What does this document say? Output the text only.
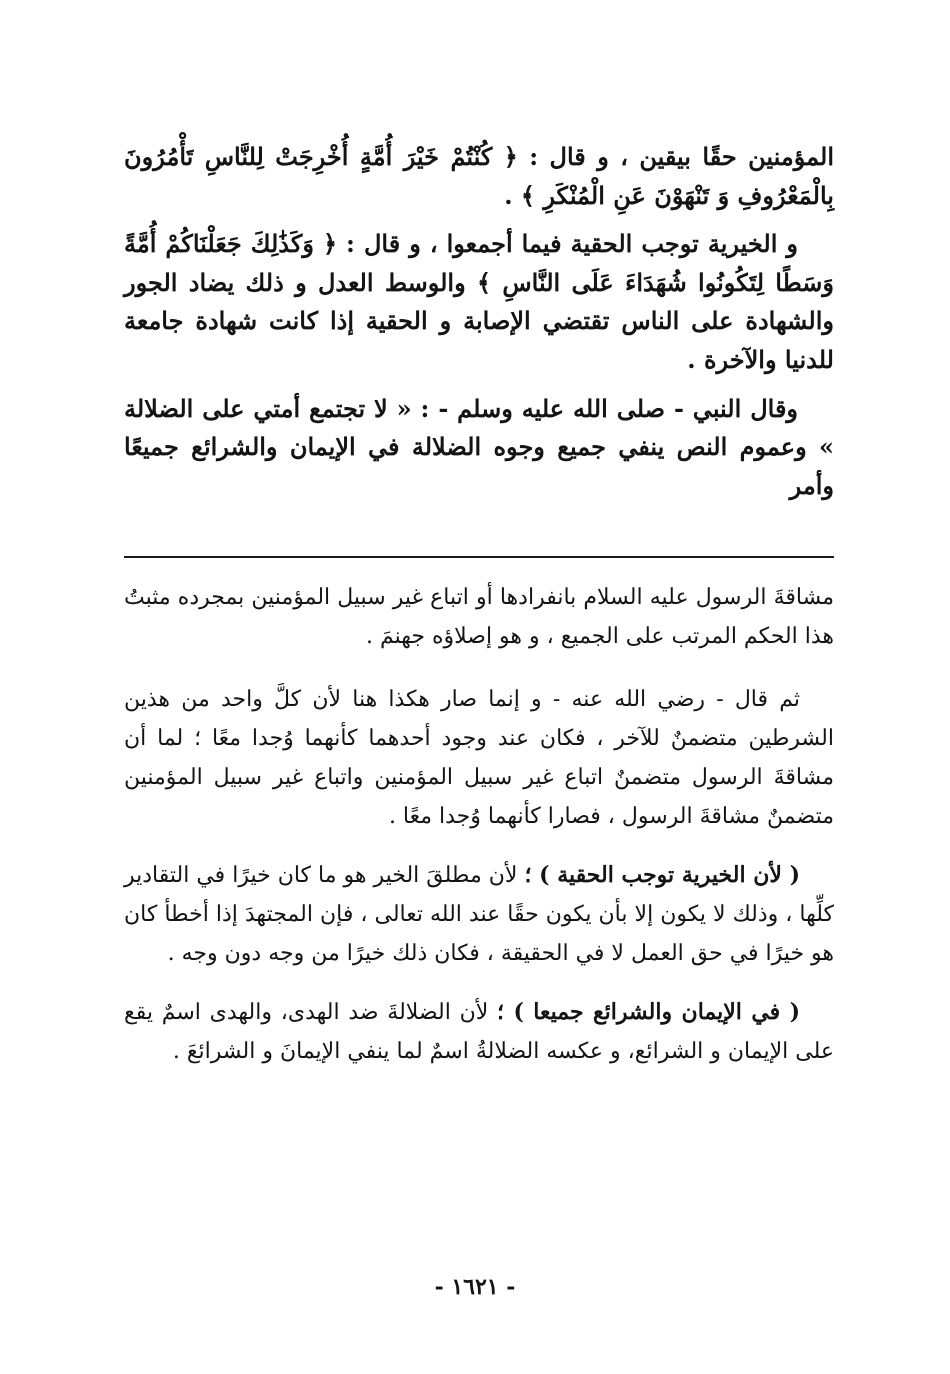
المؤمنين حقًا بيقين ، و قال : ﴿ كُنْتُمْ خَيْرَ أُمَّةٍ أُخْرِجَتْ لِلنَّاسِ تَأْمُرُونَ بِالْمَعْرُوفِ وَ تَنْهَوْنَ عَنِ الْمُنْكَرِ ﴾ .

و الخيرية توجب الحقية فيما أجمعوا ، و قال : ﴿ وَكَذَٰلِكَ جَعَلْنَاكُمْ أُمَّةً وَسَطًا لِتَكُونُوا شُهَدَاءَ عَلَى النَّاسِ ﴾ والوسط العدل و ذلك يضاد الجور والشهادة على الناس تقتضي الإصابة و الحقية إذا كانت شهادة جامعة للدنيا والآخرة .

وقال النبي - صلى الله عليه وسلم - : « لا تجتمع أمتي على الضلالة » وعموم النص ينفي جميع وجوه الضلالة في الإيمان والشرائع جميعًا وأمر

مشاقةَ الرسول عليه السلام بانفرادها أو اتباع غير سبيل المؤمنين بمجرده مثبتُ هذا الحكم المرتب على الجميع ، و هو إصلاؤه جهنمَ .

ثم قال - رضي الله عنه - و إنما صار هكذا هنا لأن كلَّ واحد من هذين الشرطين متضمنٌ للآخر ، فكان عند وجود أحدهما كأنهما وُجدا معًا ؛ لما أن مشاقةَ الرسول متضمنٌ اتباع غير سبيل المؤمنين واتباع غير سبيل المؤمنين متضمنٌ مشاقةَ الرسول ، فصارا كأنهما وُجدا معًا .

( لأن الخيرية توجب الحقية ) ؛ لأن مطلقَ الخير هو ما كان خيرًا في التقادير كلِّها ، وذلك لا يكون إلا بأن يكون حقًا عند الله تعالى ، فإن المجتهدَ إذا أخطأ كان هو خيرًا في حق العمل لا في الحقيقة ، فكان ذلك خيرًا من وجه دون وجه .

( في الإيمان والشرائع جميعا ) ؛ لأن الضلالةَ ضد الهدى، والهدى اسمٌ يقع على الإيمان و الشرائع، و عكسه الضلالةُ اسمٌ لما ينفي الإيمانَ و الشرائعَ .

- ١٦٢١ -
